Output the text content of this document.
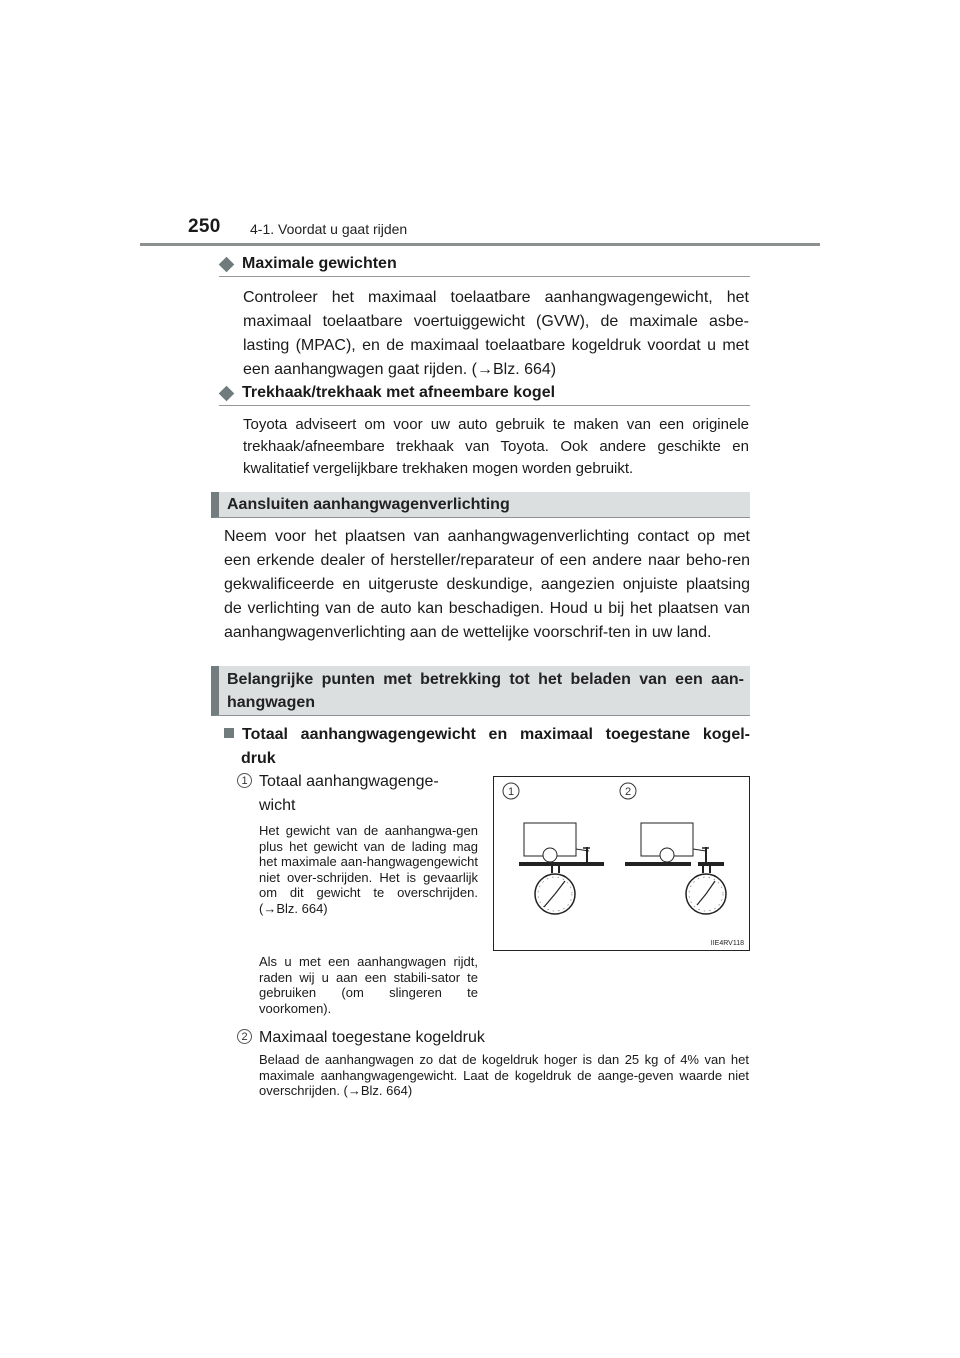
250 4-1. Voordat u gaat rijden
Maximale gewichten
Controleer het maximaal toelaatbare aanhangwagengewicht, het maximaal toelaatbare voertuiggewicht (GVW), de maximale asbe-lasting (MPAC), en de maximaal toelaatbare kogeldruk voordat u met een aanhangwagen gaat rijden. (→Blz. 664)
Trekhaak/trekhaak met afneembare kogel
Toyota adviseert om voor uw auto gebruik te maken van een originele trekhaak/afneembare trekhaak van Toyota. Ook andere geschikte en kwalitatief vergelijkbare trekhaken mogen worden gebruikt.
Aansluiten aanhangwagenverlichting
Neem voor het plaatsen van aanhangwagenverlichting contact op met een erkende dealer of hersteller/reparateur of een andere naar beho-ren gekwalificeerde en uitgeruste deskundige, aangezien onjuiste plaatsing de verlichting van de auto kan beschadigen. Houd u bij het plaatsen van aanhangwagenverlichting aan de wettelijke voorschrif-ten in uw land.
Belangrijke punten met betrekking tot het beladen van een aan-
hangwagen
Totaal aanhangwagengewicht en maximaal toegestane kogel-
druk
1 Totaal aanhangwagenge-
wicht
Het gewicht van de aanhangwa-gen plus het gewicht van de lading mag het maximale aan-hangwagengewicht niet over-schrijden. Het is gevaarlijk om dit gewicht te overschrijden. (→Blz. 664)
Als u met een aanhangwagen rijdt, raden wij u aan een stabili-sator te gebruiken (om slingeren te voorkomen).
1	2
IIE4RV118
2 Maximaal toegestane kogeldruk
Belaad de aanhangwagen zo dat de kogeldruk hoger is dan 25 kg of 4% van het maximale aanhangwagengewicht. Laat de kogeldruk de aange-geven waarde niet overschrijden. (→Blz. 664)
